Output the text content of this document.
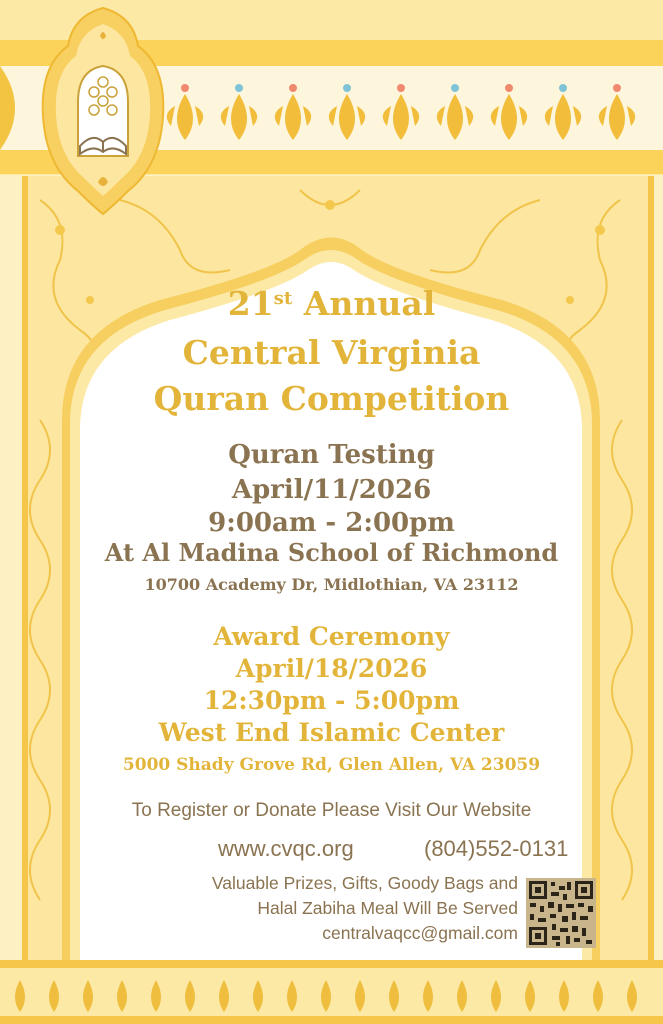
21st Annual
Central Virginia
Quran Competition
Quran Testing
April/11/2026
9:00am - 2:00pm
At Al Madina School of Richmond
10700 Academy Dr, Midlothian, VA 23112
Award Ceremony
April/18/2026
12:30pm - 5:00pm
West End Islamic Center
5000 Shady Grove Rd, Glen Allen, VA 23059
To Register or Donate Please Visit Our Website
www.cvqc.org	(804)552-0131
Valuable Prizes, Gifts, Goody Bags and
Halal Zabiha Meal Will Be Served
centralvaqcc@gmail.com
